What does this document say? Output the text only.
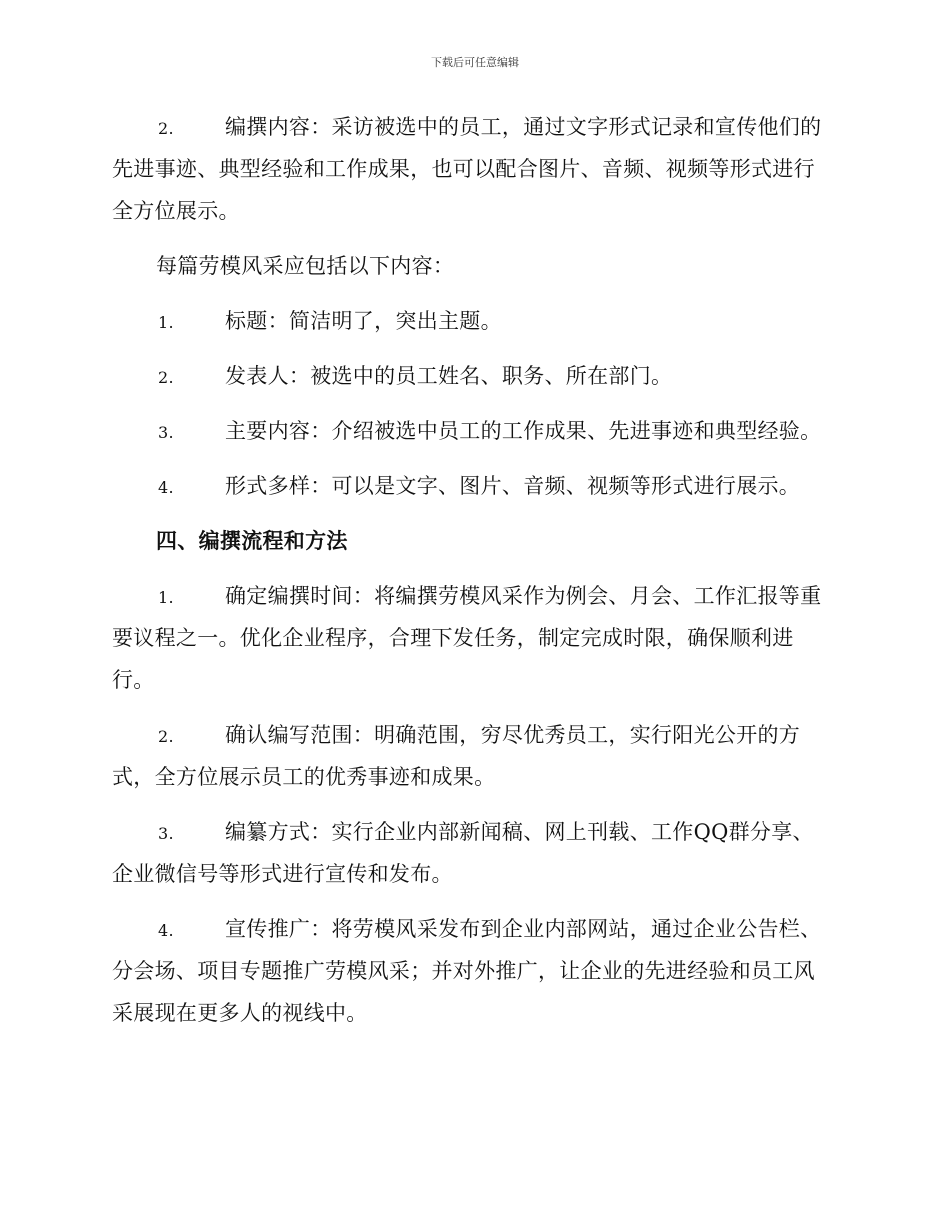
下载后可任意编辑
2. 编撰内容：采访被选中的员工，通过文字形式记录和宣传他们的
先进事迹、典型经验和工作成果，也可以配合图片、音频、视频等形式进行
全方位展示。
每篇劳模风采应包括以下内容：
1. 标题：简洁明了，突出主题。
2. 发表人：被选中的员工姓名、职务、所在部门。
3. 主要内容：介绍被选中员工的工作成果、先进事迹和典型经验。
4. 形式多样：可以是文字、图片、音频、视频等形式进行展示。
四、编撰流程和方法
1. 确定编撰时间：将编撰劳模风采作为例会、月会、工作汇报等重
要议程之一。优化企业程序，合理下发任务，制定完成时限，确保顺利进
行。
2. 确认编写范围：明确范围，穷尽优秀员工，实行阳光公开的方
式，全方位展示员工的优秀事迹和成果。
3. 编纂方式：实行企业内部新闻稿、网上刊载、工作QQ群分享、
企业微信号等形式进行宣传和发布。
4. 宣传推广：将劳模风采发布到企业内部网站，通过企业公告栏、
分会场、项目专题推广劳模风采；并对外推广，让企业的先进经验和员工风
采展现在更多人的视线中。
